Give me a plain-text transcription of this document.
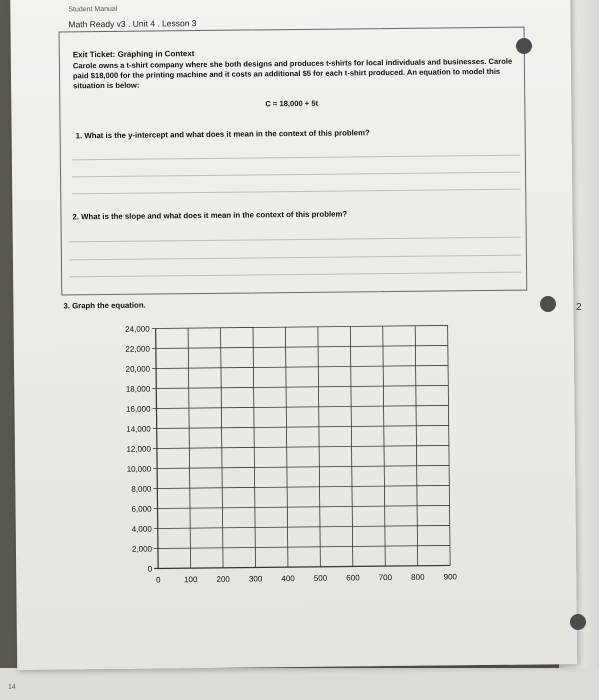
Student Manual
Math Ready v3 . Unit 4 . Lesson 3
Exit Ticket: Graphing in Context
Carole owns a t-shirt company where she both designs and produces t-shirts for local individuals and businesses. Carole paid $18,000 for the printing machine and it costs an additional $5 for each t-shirt produced. An equation to model this situation is below:
C = 18,000 + 5t
1. What is the y-intercept and what does it mean in the context of this problem?
2. What is the slope and what does it mean in the context of this problem?
3. Graph the equation.
0
2,000
4,000
6,000
8,000
10,000
12,000
14,000
16,000
18,000
20,000
22,000
24,000
0	100 200 300 400 500 600 700 800 900
2
14
